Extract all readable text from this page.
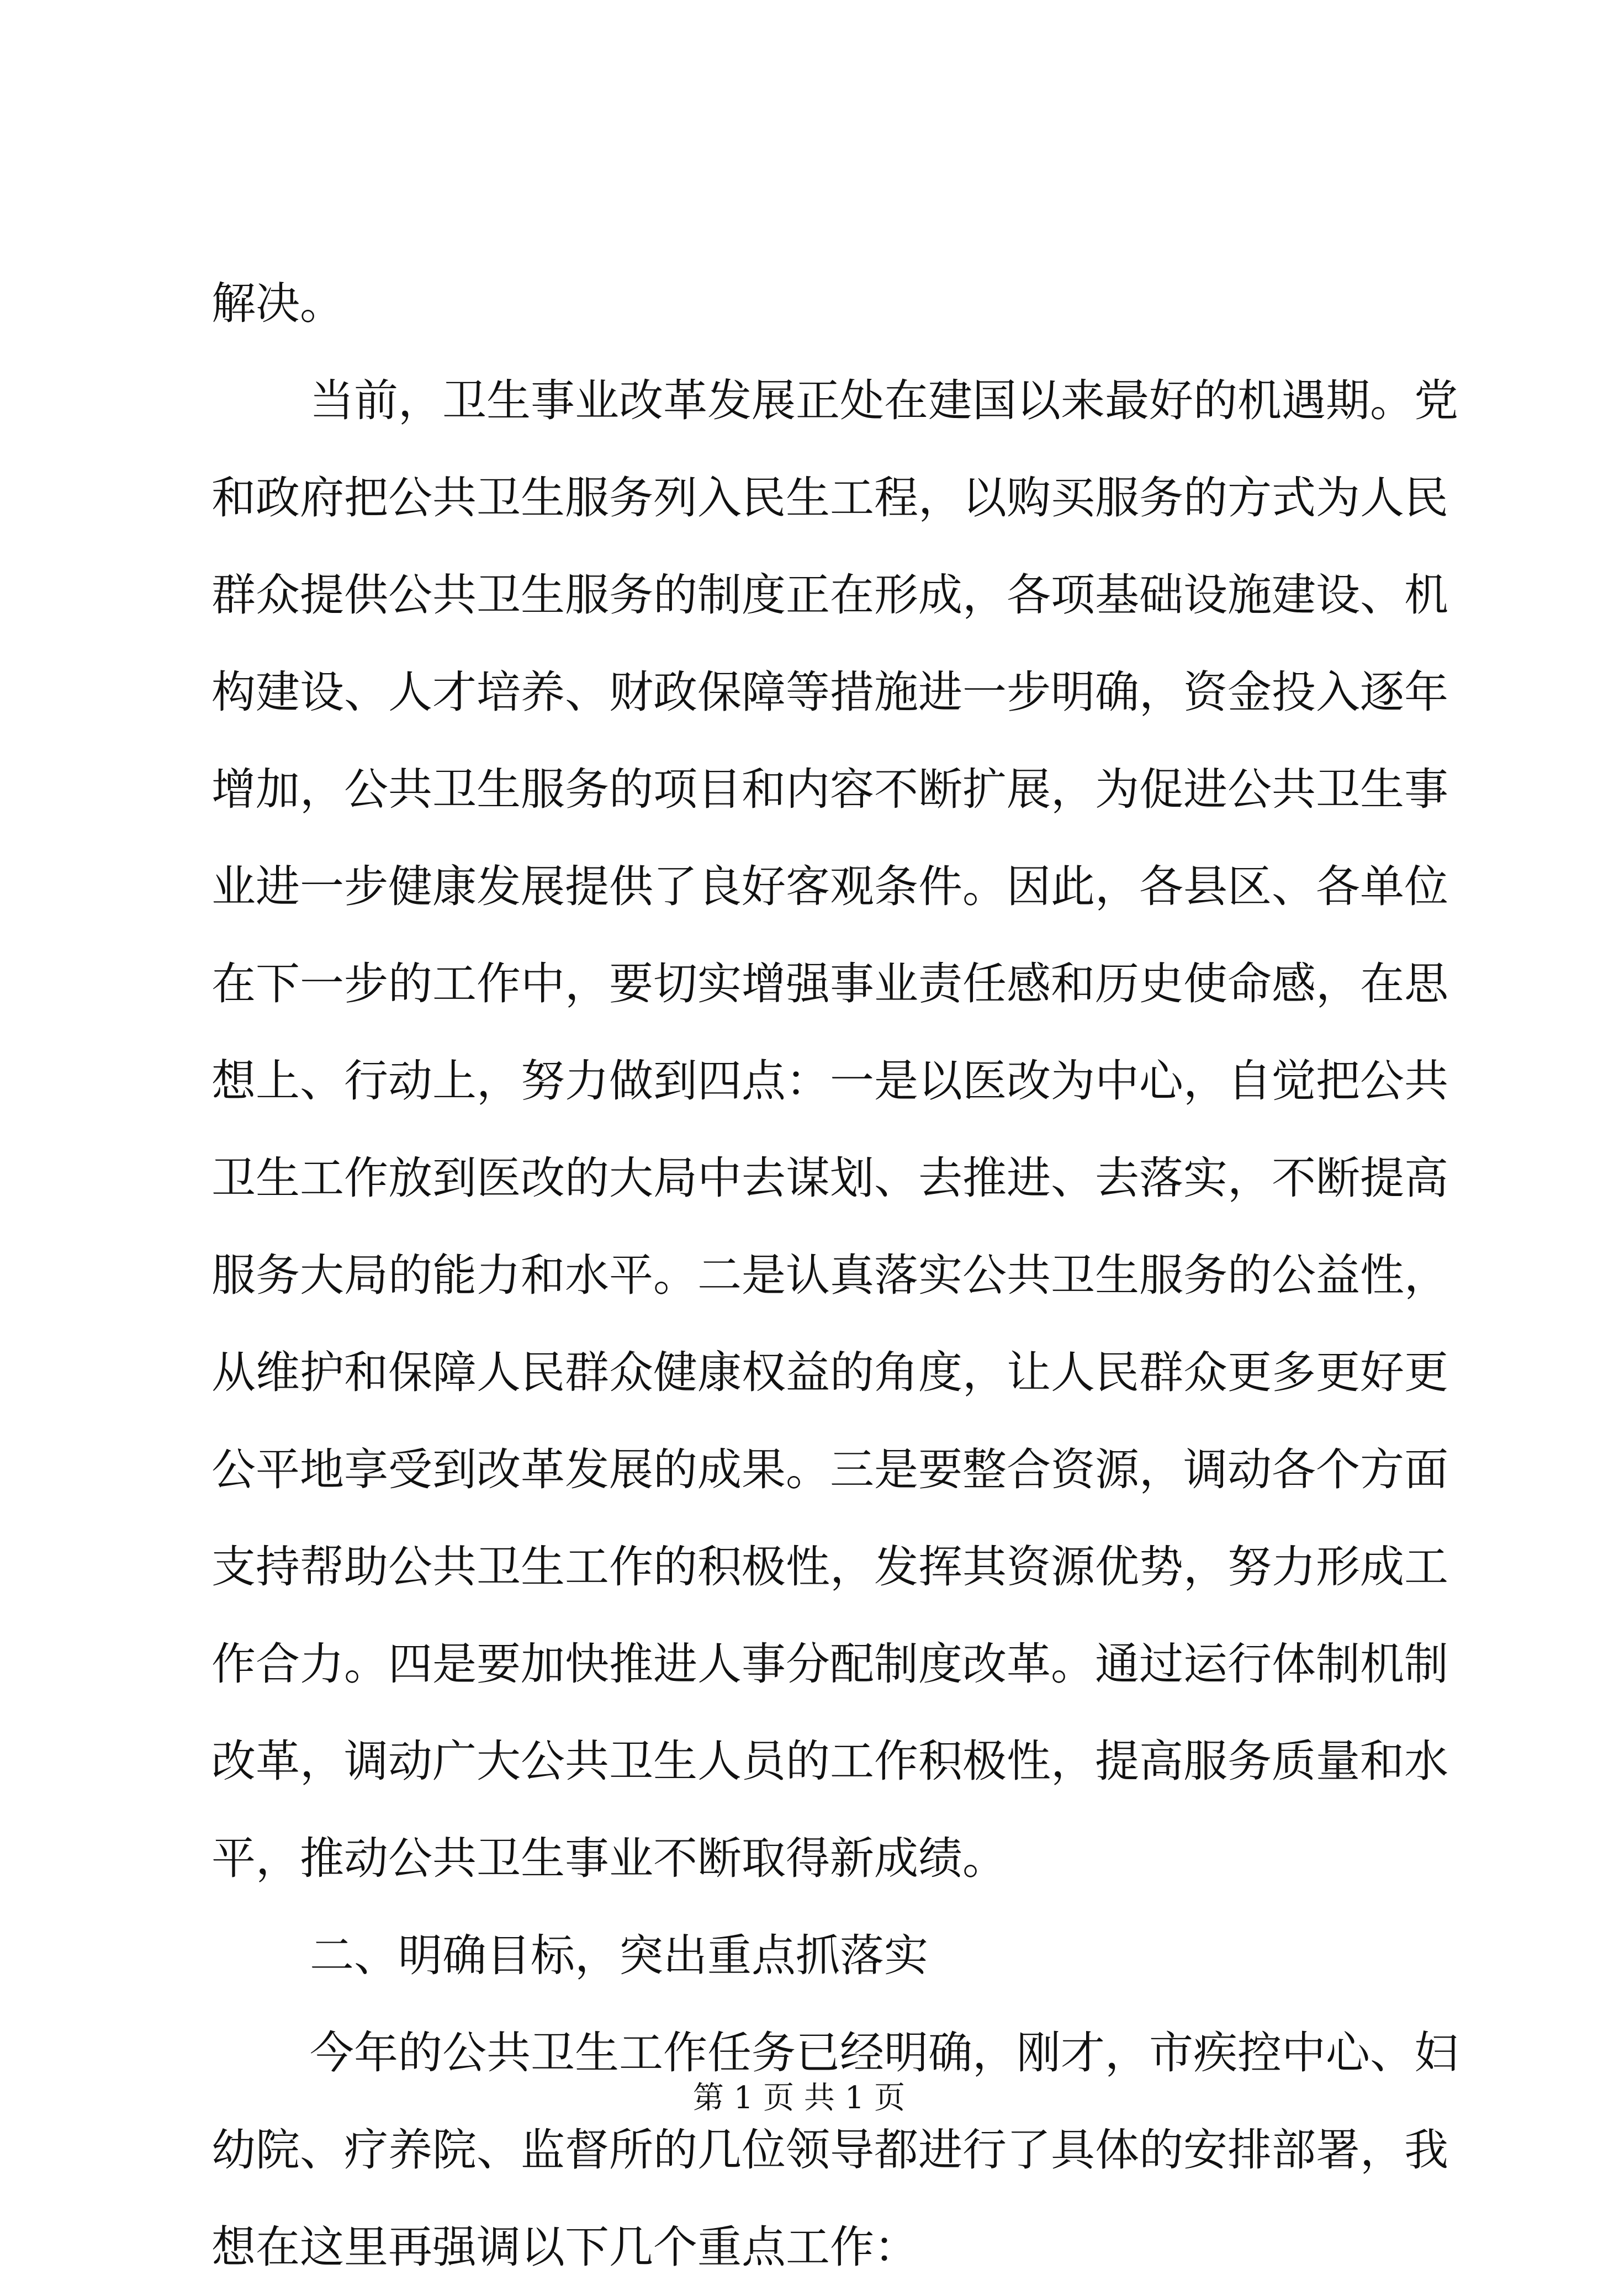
解决。
当前，卫生事业改革发展正处在建国以来最好的机遇期。党
和政府把公共卫生服务列入民生工程，以购买服务的方式为人民
群众提供公共卫生服务的制度正在形成，各项基础设施建设、机
构建设、人才培养、财政保障等措施进一步明确，资金投入逐年
增加，公共卫生服务的项目和内容不断扩展，为促进公共卫生事
业进一步健康发展提供了良好客观条件。因此，各县区、各单位
在下一步的工作中，要切实增强事业责任感和历史使命感，在思
想上、行动上，努力做到四点：一是以医改为中心，自觉把公共
卫生工作放到医改的大局中去谋划、去推进、去落实，不断提高
服务大局的能力和水平。二是认真落实公共卫生服务的公益性，
从维护和保障人民群众健康权益的角度，让人民群众更多更好更
公平地享受到改革发展的成果。三是要整合资源，调动各个方面
支持帮助公共卫生工作的积极性，发挥其资源优势，努力形成工
作合力。四是要加快推进人事分配制度改革。通过运行体制机制
改革，调动广大公共卫生人员的工作积极性，提高服务质量和水
平，推动公共卫生事业不断取得新成绩。
二、明确目标，突出重点抓落实
今年的公共卫生工作任务已经明确，刚才，市疾控中心、妇
幼院、疗养院、监督所的几位领导都进行了具体的安排部署，我
想在这里再强调以下几个重点工作：
第 1 页 共 1 页
